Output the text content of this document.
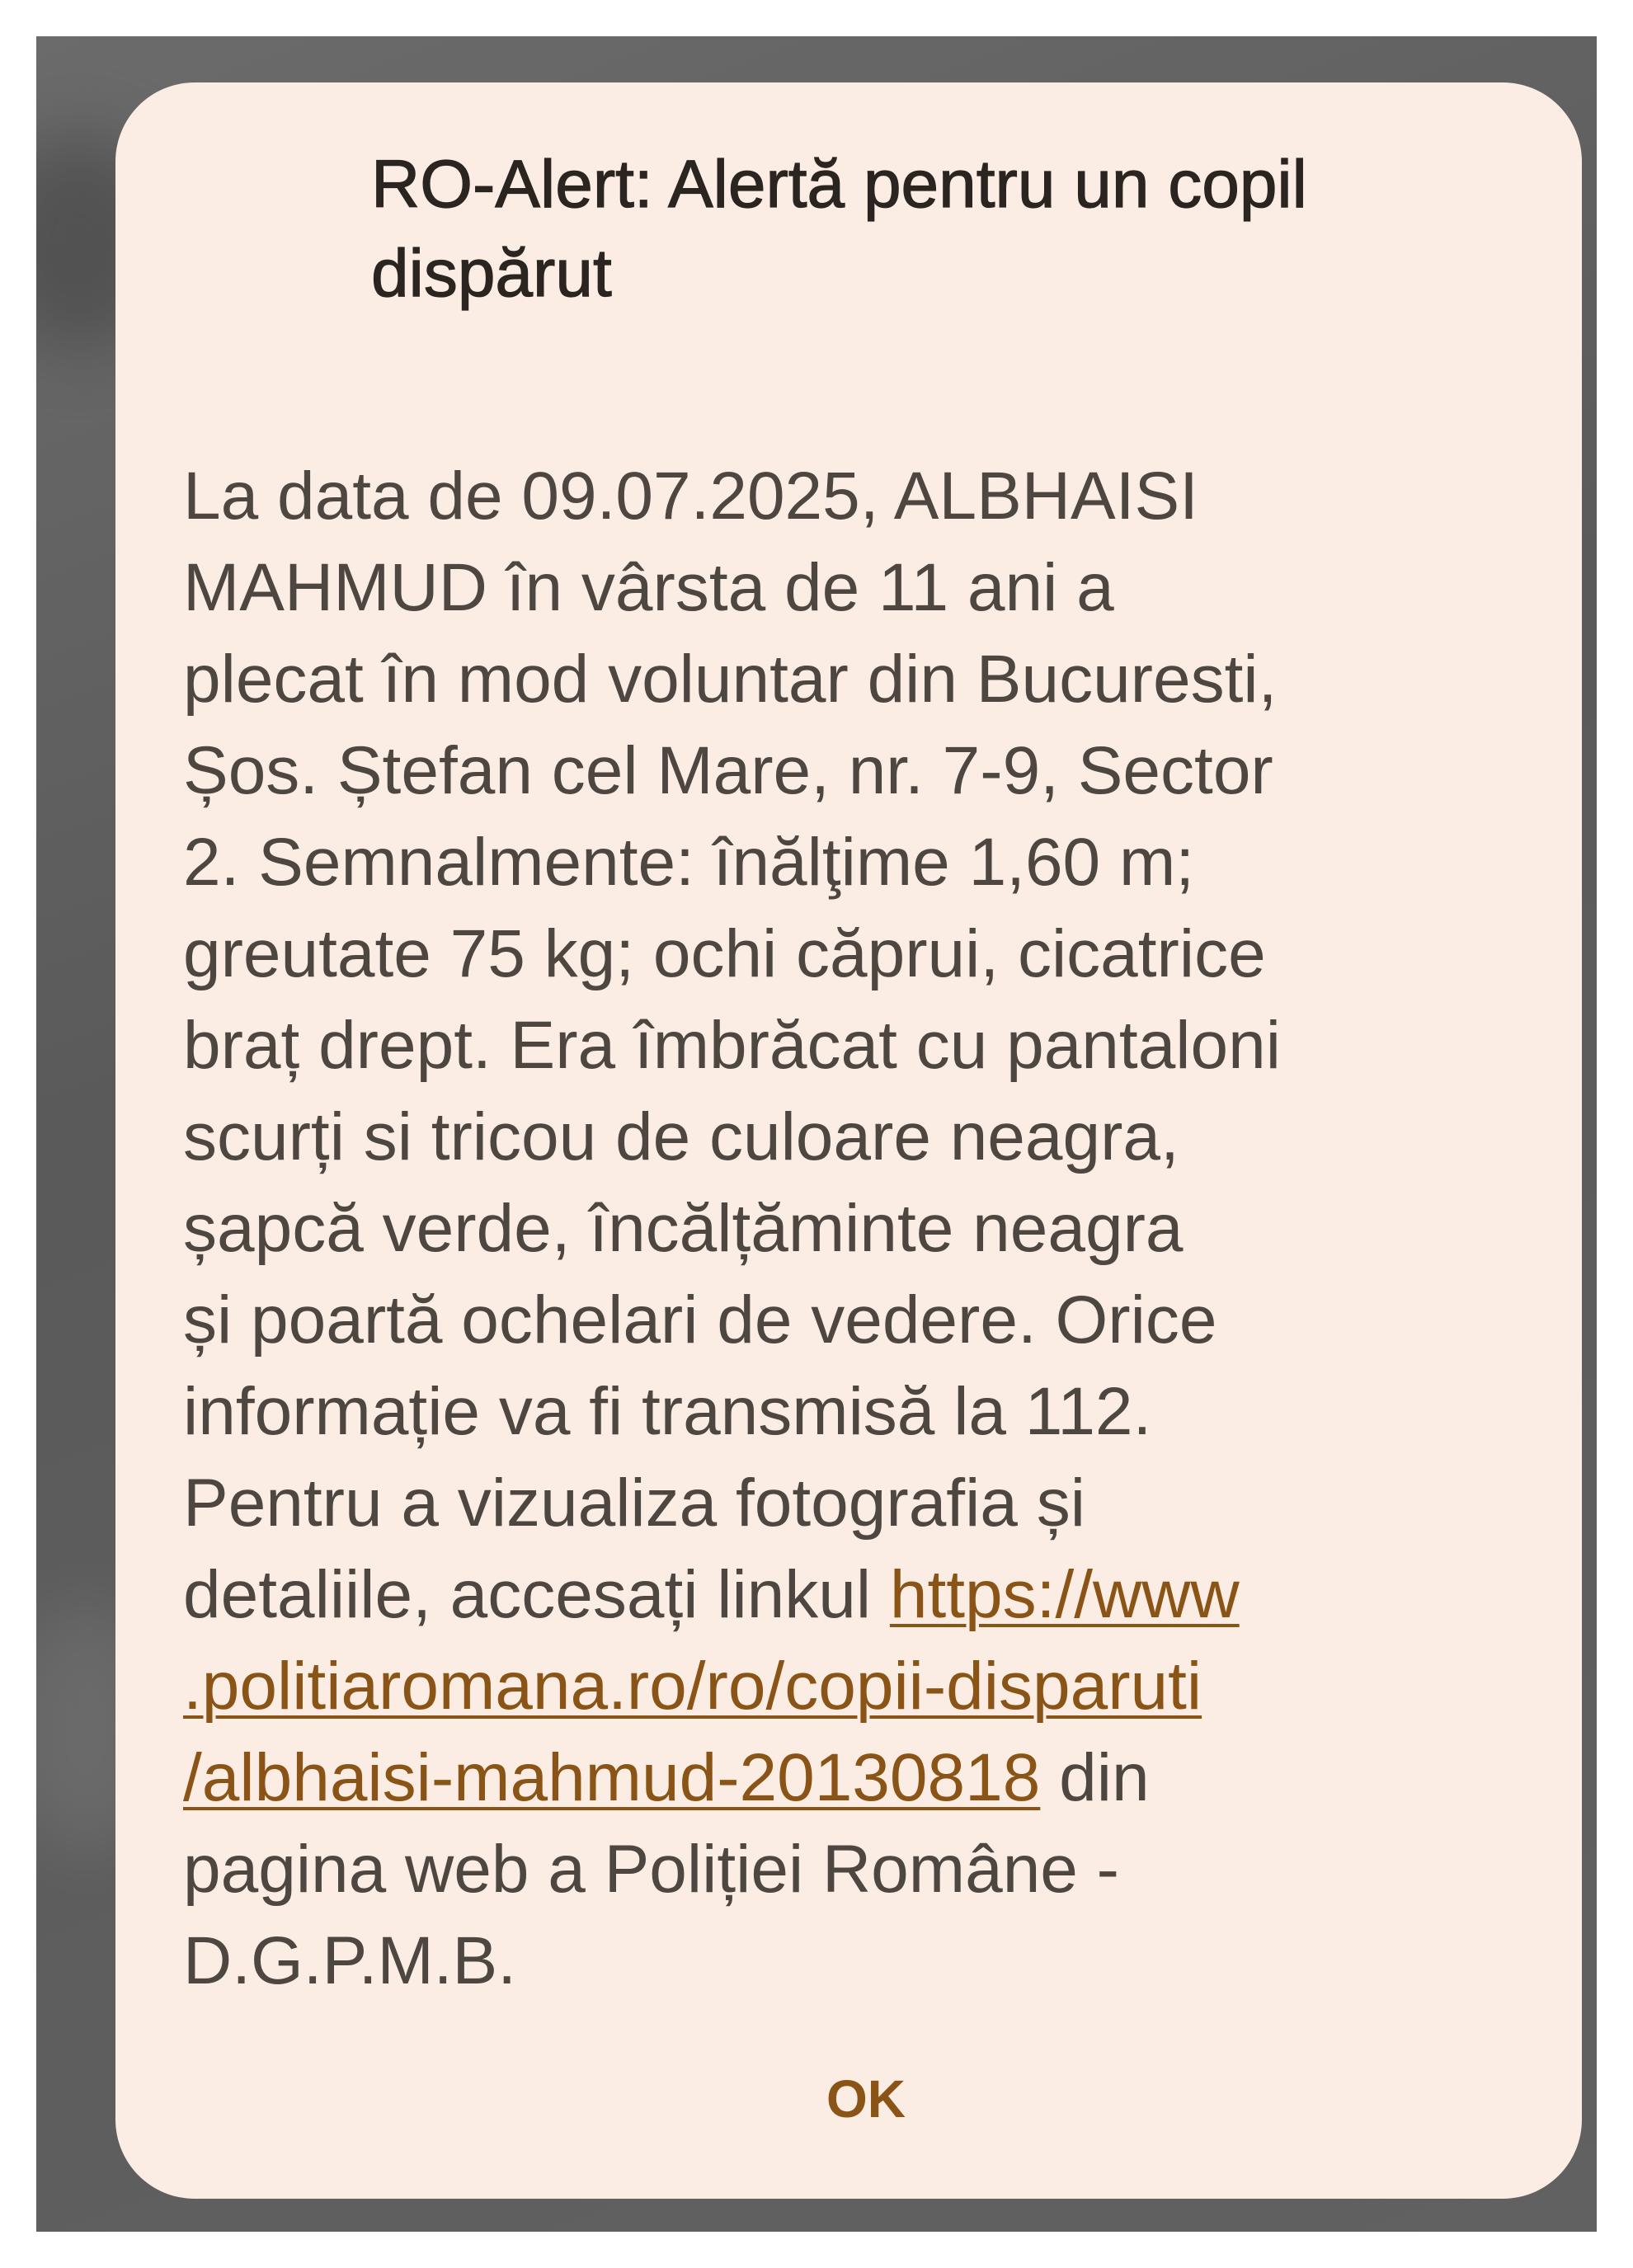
RO-Alert: Alertă pentru un copil
dispărut

La data de 09.07.2025, ALBHAISI
MAHMUD în vârsta de 11 ani a
plecat în mod voluntar din Bucuresti,
Șos. Ștefan cel Mare, nr. 7-9, Sector
2. Semnalmente: înălţime 1,60 m;
greutate 75 kg; ochi căprui, cicatrice
braț drept. Era îmbrăcat cu pantaloni
scurți si tricou de culoare neagra,
șapcă verde, încălțăminte neagra
și poartă ochelari de vedere. Orice
informație va fi transmisă la 112.
Pentru a vizualiza fotografia și
detaliile, accesați linkul https://www
.politiaromana.ro/ro/copii-disparuti
/albhaisi-mahmud-20130818 din
pagina web a Poliției Române -
D.G.P.M.B.

OK
